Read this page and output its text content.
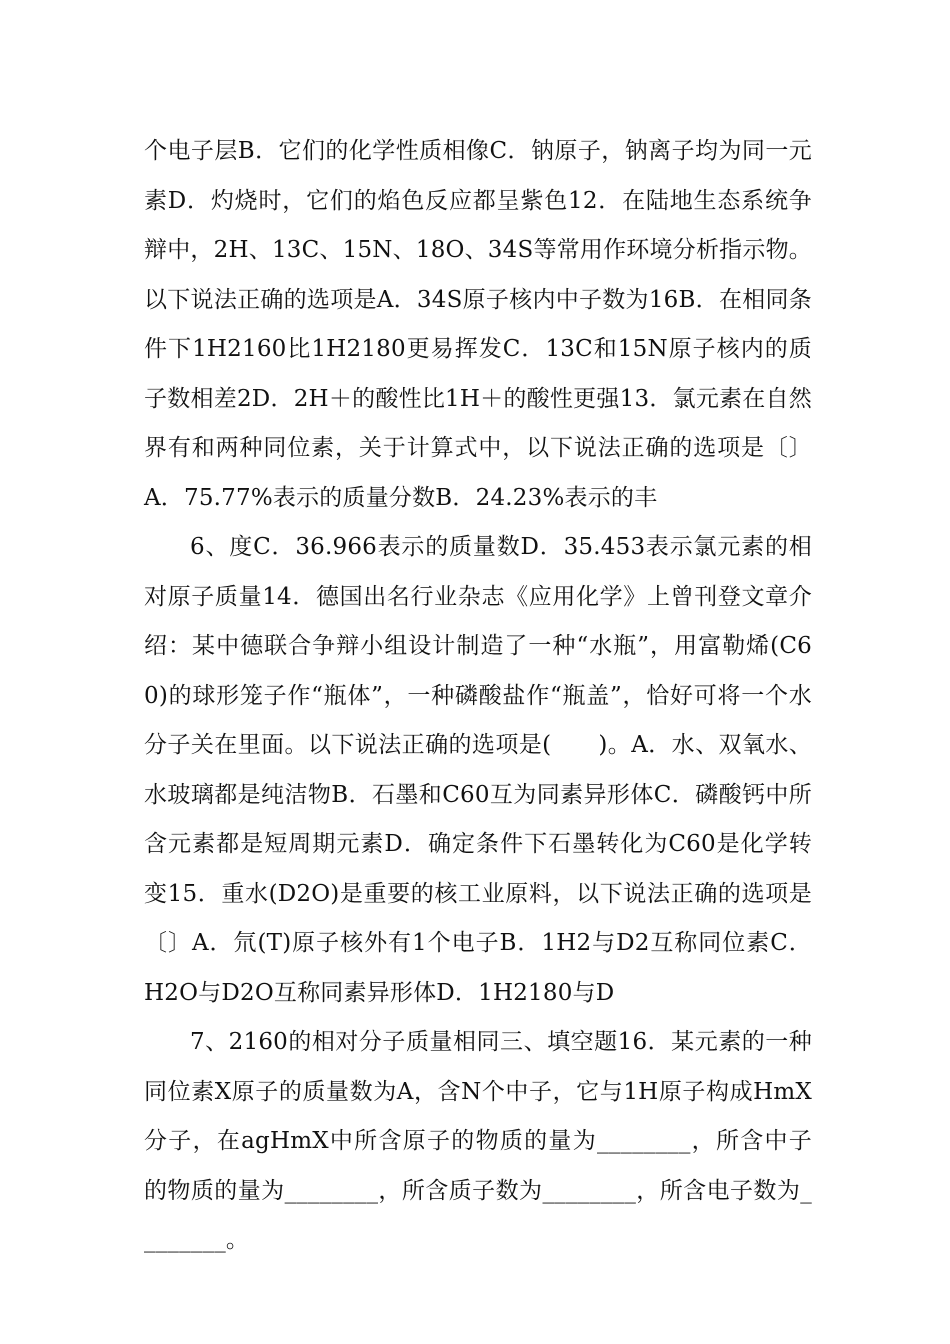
个电子层B．它们的化学性质相像C．钠原子，钠离子均为同一元素D．灼烧时，它们的焰色反应都呈紫色12．在陆地生态系统争辩中，2H、13C、15N、18O、34S等常用作环境分析指示物。以下说法正确的选项是A．34S原子核内中子数为16B．在相同条件下1H2160比1H2180更易挥发C．13C和15N原子核内的质子数相差2D．2H＋的酸性比1H＋的酸性更强13．氯元素在自然界有和两种同位素，关于计算式中，以下说法正确的选项是〔〕A．75.77%表示的质量分数B．24.23%表示的丰

6、度C．36.966表示的质量数D．35.453表示氯元素的相对原子质量14．德国出名行业杂志《应用化学》上曾刊登文章介绍：某中德联合争辩小组设计制造了一种“水瓶”，用富勒烯(C60)的球形笼子作“瓶体”，一种磷酸盐作“瓶盖”，恰好可将一个水分子关在里面。以下说法正确的选项是(　　)。A．水、双氧水、水玻璃都是纯洁物B．石墨和C60互为同素异形体C．磷酸钙中所含元素都是短周期元素D．确定条件下石墨转化为C60是化学转变15．重水(D2O)是重要的核工业原料，以下说法正确的选项是〔〕A．氘(T)原子核外有1个电子B．1H2与D2互称同位素C．H2O与D2O互称同素异形体D．1H2180与D

7、2160的相对分子质量相同三、填空题16．某元素的一种同位素X原子的质量数为A，含N个中子，它与1H原子构成HmX分子，在agHmX中所含原子的物质的量为________，所含中子的物质的量为________，所含质子数为________，所含电子数为________。
